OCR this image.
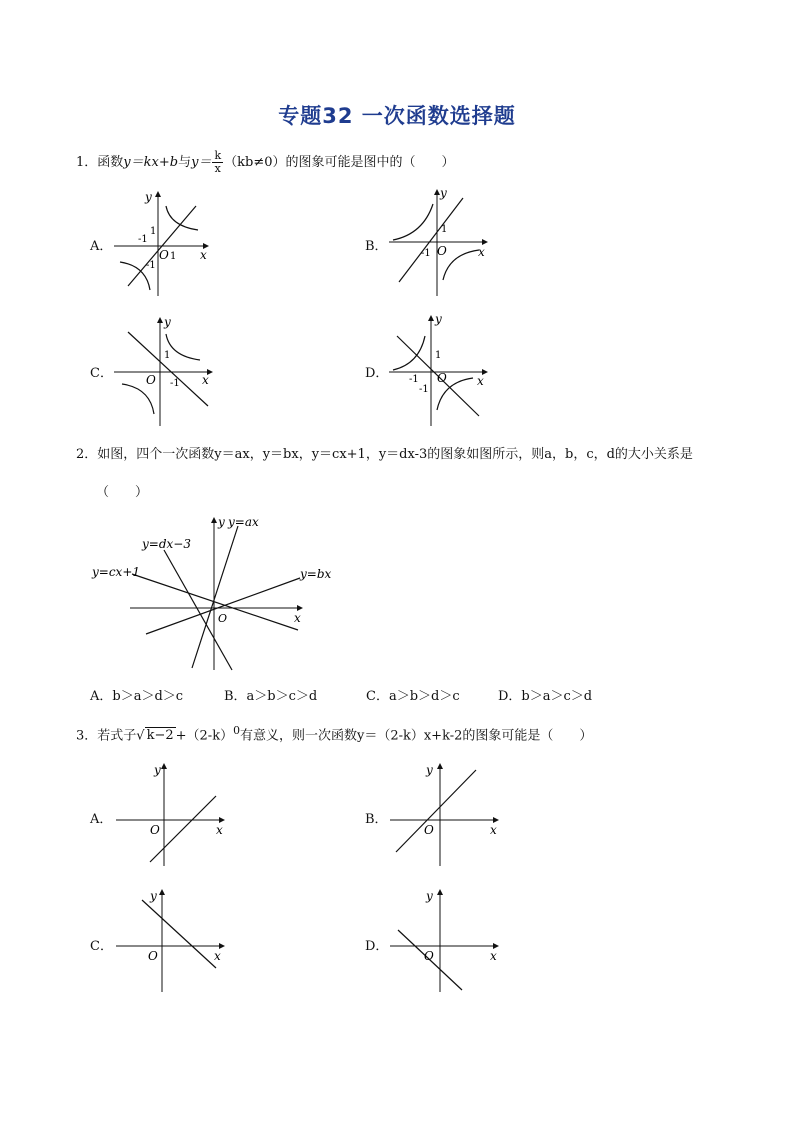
专题32 一次函数选择题
1．函数y＝kx+b与$y= \frac{k}{x} (kb\ne 0)$的图象可能是图中的（　　）
A．
y
x
O
1
1
-1
-1
B．
y
x
O
1
-1
C．
y
x
O
1
-1
D．
y
x
O
1
-1
-1
2．如图，四个一次函数y＝ax，y＝bx，y＝cx+1，y＝dx-3的图象如图所示，则a，b，c，d的大小关系是
（　　）
y=ax
y=dx−3
y=cx+1	y=bx
y
x
O
A．b＞a＞d＞c	B．a＞b＞c＞d	C．a＞b＞d＞c	D．b＞a＞c＞d
3．若式子√ $k-2 +(2-k)^0$有意义，则一次函数y＝（2-k）x+k-2的图象可能是（　　）
A．
y
x
O
B．
y
x
O
C．
y
x
O
D．
y
x
O
